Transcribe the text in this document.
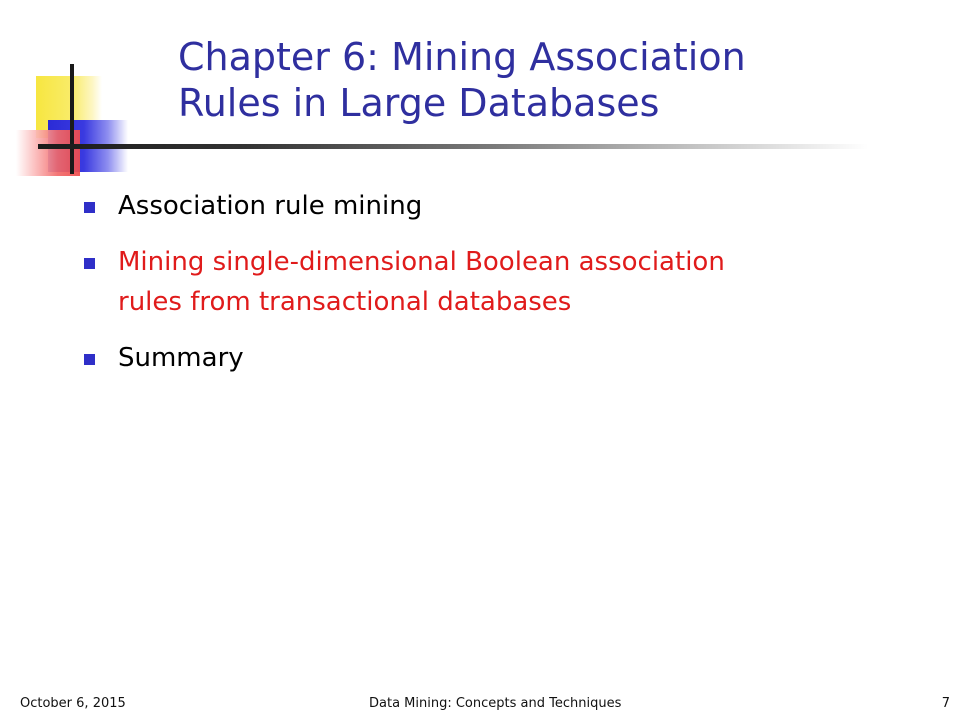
Chapter 6: Mining Association
Rules in Large Databases
Association rule mining
Mining single-dimensional Boolean association
rules from transactional databases
Summary
October 6, 2015	Data Mining: Concepts and Techniques	7
